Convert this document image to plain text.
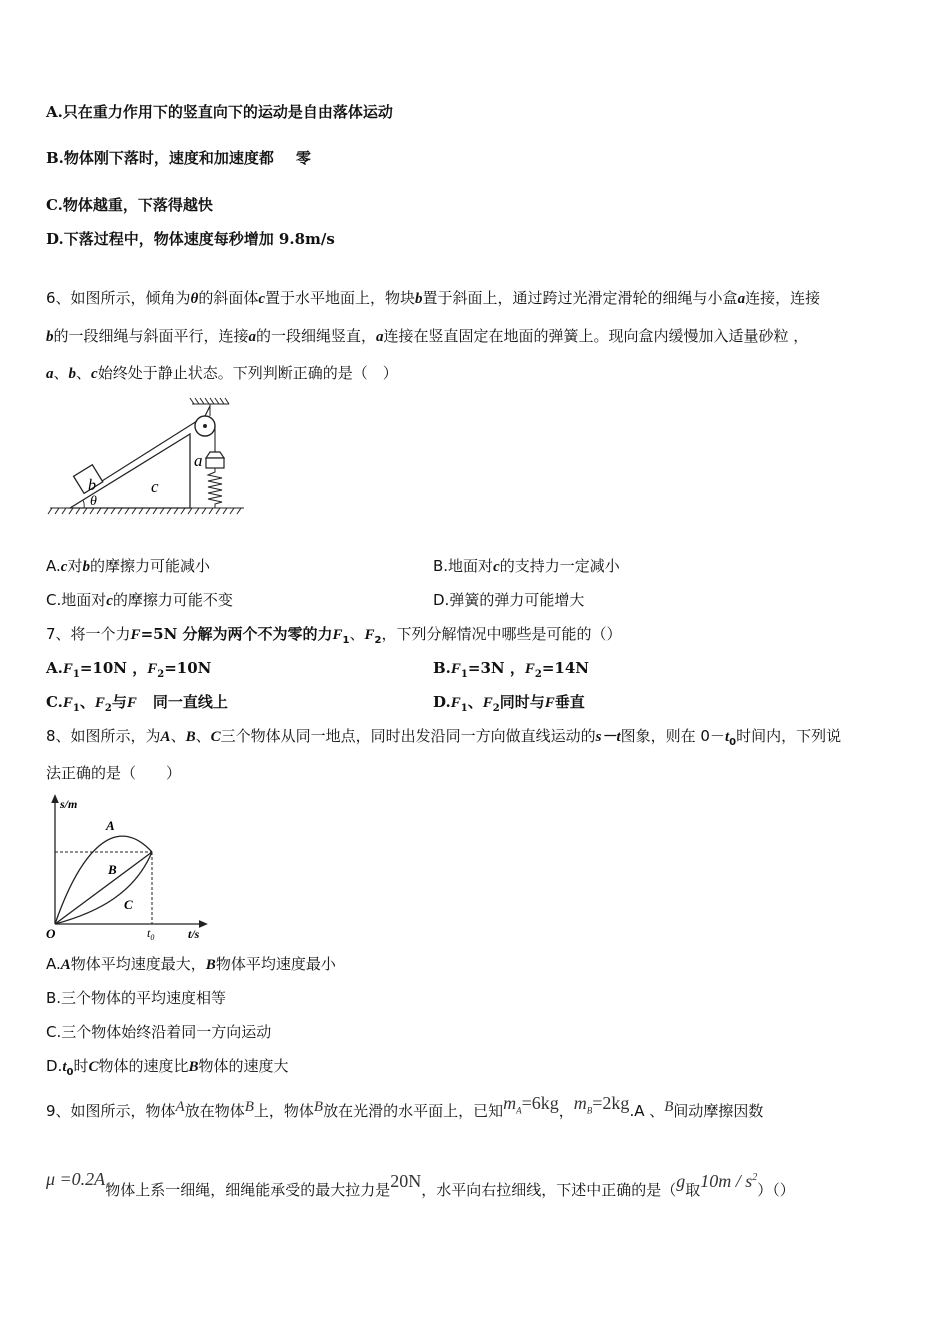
A.只在重力作用下的竖直向下的运动是自由落体运动
B.物体刚下落时，速度和加速度都 零
C.物体越重，下落得越快
D.下落过程中，物体速度每秒增加 9.8m/s
6、如图所示，倾角为θ的斜面体c置于水平地面上，物块b置于斜面上，通过跨过光滑定滑轮的细绳与小盒a连接，连接
b的一段细绳与斜面平行，连接a的一段细绳竖直，a连接在竖直固定在地面的弹簧上。现向盒内缓慢加入适量砂粒 ，
a、b、c始终处于静止状态。下列判断正确的是（　）
a
c
b
θ
A.c对b的摩擦力可能减小	B.地面对c的支持力一定减小
C.地面对c的摩擦力可能不变	D.弹簧的弹力可能增大
7、将一个力F=5N 分解为两个不为零的力$F_1$、$F_2$，下列分解情况中哪些是可能的（）
$A.F_1=10N$ ，$F_2=10N$	$B.F_1=3N$ ，$F_2=14N$
$C.F_1$、$F_2$与F 同一直线上	$D.F_1$、$F_2$同时与F垂直
8、如图所示，为A、B、C三个物体从同一地点，同时出发沿同一方向做直线运动的s－t图象，则在 $0-t_0$时间内，下列说
法正确的是（　　）
s/m
t/s
O	$t_0$
A
B
C
A.A物体平均速度最大，B物体平均速度最小
B.三个物体的平均速度相等
C.三个物体始终沿着同一方向运动
$D.t_0$时C物体的速度比B物体的速度大
9、如图所示，物体A放在物体B上，物体B放在光滑的水平面上，已知$m_A=6kg$，$m_B=2kg.A$ 、B间动摩擦因数
μ =0.2A物体上系一细绳，细绳能承受的最大拉力是20N，水平向右拉细线，下述中正确的是（g取$10m / s^2)()$
